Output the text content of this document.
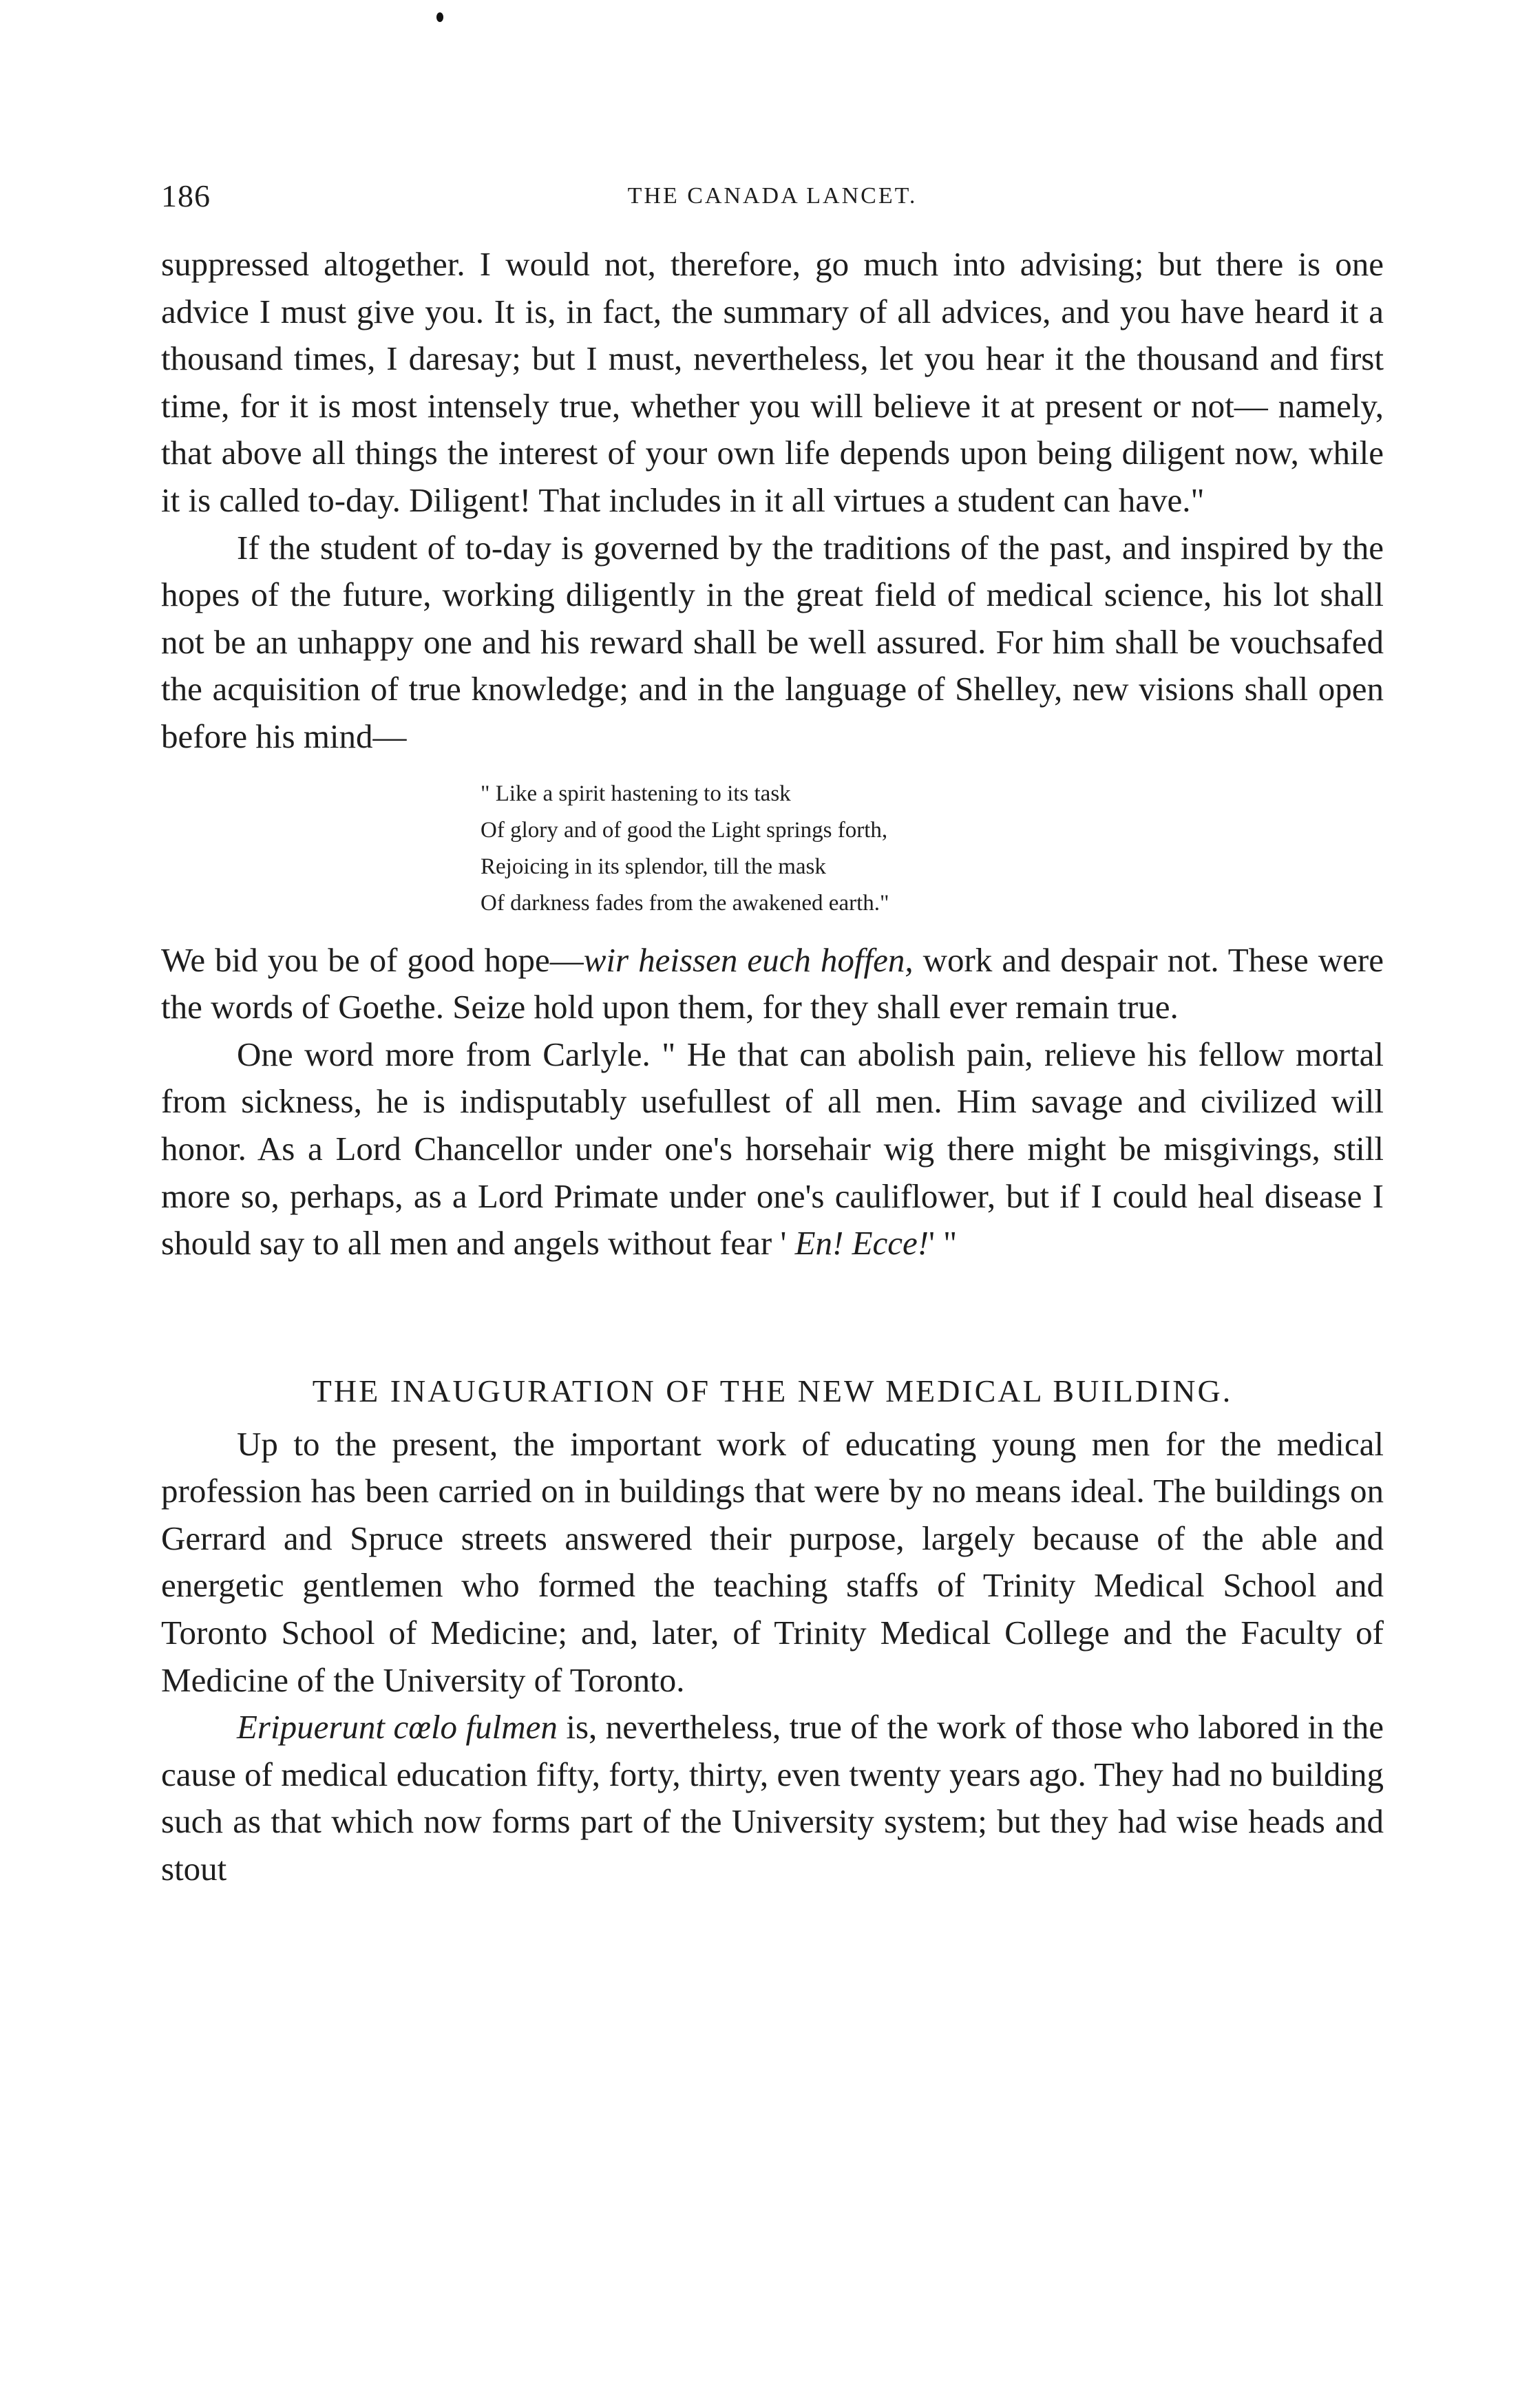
186	THE CANADA LANCET.

suppressed altogether. I would not, therefore, go much into advising; but there is one advice I must give you. It is, in fact, the summary of all advices, and you have heard it a thousand times, I daresay; but I must, nevertheless, let you hear it the thousand and first time, for it is most intensely true, whether you will believe it at present or not— namely, that above all things the interest of your own life depends upon being diligent now, while it is called to-day. Diligent! That includes in it all virtues a student can have."

If the student of to-day is governed by the traditions of the past, and inspired by the hopes of the future, working diligently in the great field of medical science, his lot shall not be an unhappy one and his reward shall be well assured. For him shall be vouchsafed the acquisition of true knowledge; and in the language of Shelley, new visions shall open before his mind—

" Like a spirit hastening to its task
Of glory and of good the Light springs forth,
Rejoicing in its splendor, till the mask
Of darkness fades from the awakened earth."

We bid you be of good hope—wir heissen euch hoffen, work and despair not. These were the words of Goethe. Seize hold upon them, for they shall ever remain true.

One word more from Carlyle. " He that can abolish pain, relieve his fellow mortal from sickness, he is indisputably usefullest of all men. Him savage and civilized will honor. As a Lord Chancellor under one's horsehair wig there might be misgivings, still more so, perhaps, as a Lord Primate under one's cauliflower, but if I could heal disease I should say to all men and angels without fear ' En! Ecce!' "

THE INAUGURATION OF THE NEW MEDICAL BUILDING.

Up to the present, the important work of educating young men for the medical profession has been carried on in buildings that were by no means ideal. The buildings on Gerrard and Spruce streets answered their purpose, largely because of the able and energetic gentlemen who formed the teaching staffs of Trinity Medical School and Toronto School of Medicine; and, later, of Trinity Medical College and the Faculty of Medicine of the University of Toronto.

Eripuerunt cœlo fulmen is, nevertheless, true of the work of those who labored in the cause of medical education fifty, forty, thirty, even twenty years ago. They had no building such as that which now forms part of the University system; but they had wise heads and stout
